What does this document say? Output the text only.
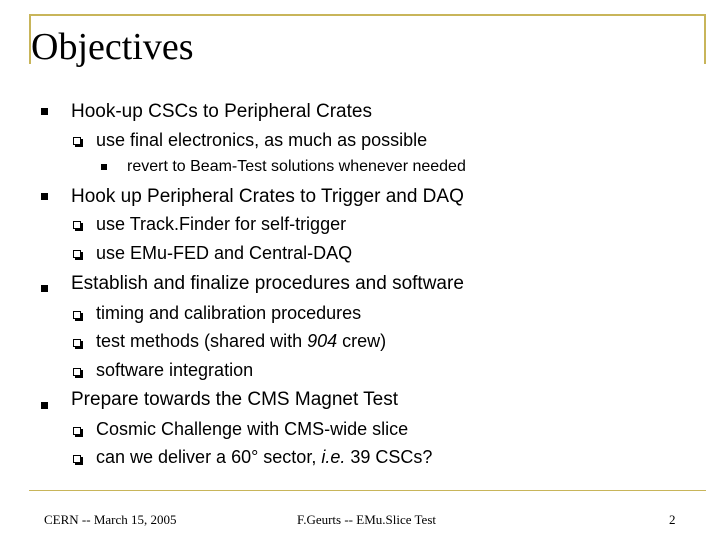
Objectives
Hook-up CSCs to Peripheral Crates
use final electronics, as much as possible
revert to Beam-Test solutions whenever needed
Hook up Peripheral Crates to Trigger and DAQ
use Track.Finder for self-trigger
use EMu-FED and Central-DAQ
Establish and finalize procedures and software
timing and calibration procedures
test methods (shared with 904 crew)
software integration
Prepare towards the CMS Magnet Test
Cosmic Challenge with CMS-wide slice
can we deliver a 60° sector, i.e. 39 CSCs?
CERN -- March 15, 2005	F.Geurts -- EMu.Slice Test	2
